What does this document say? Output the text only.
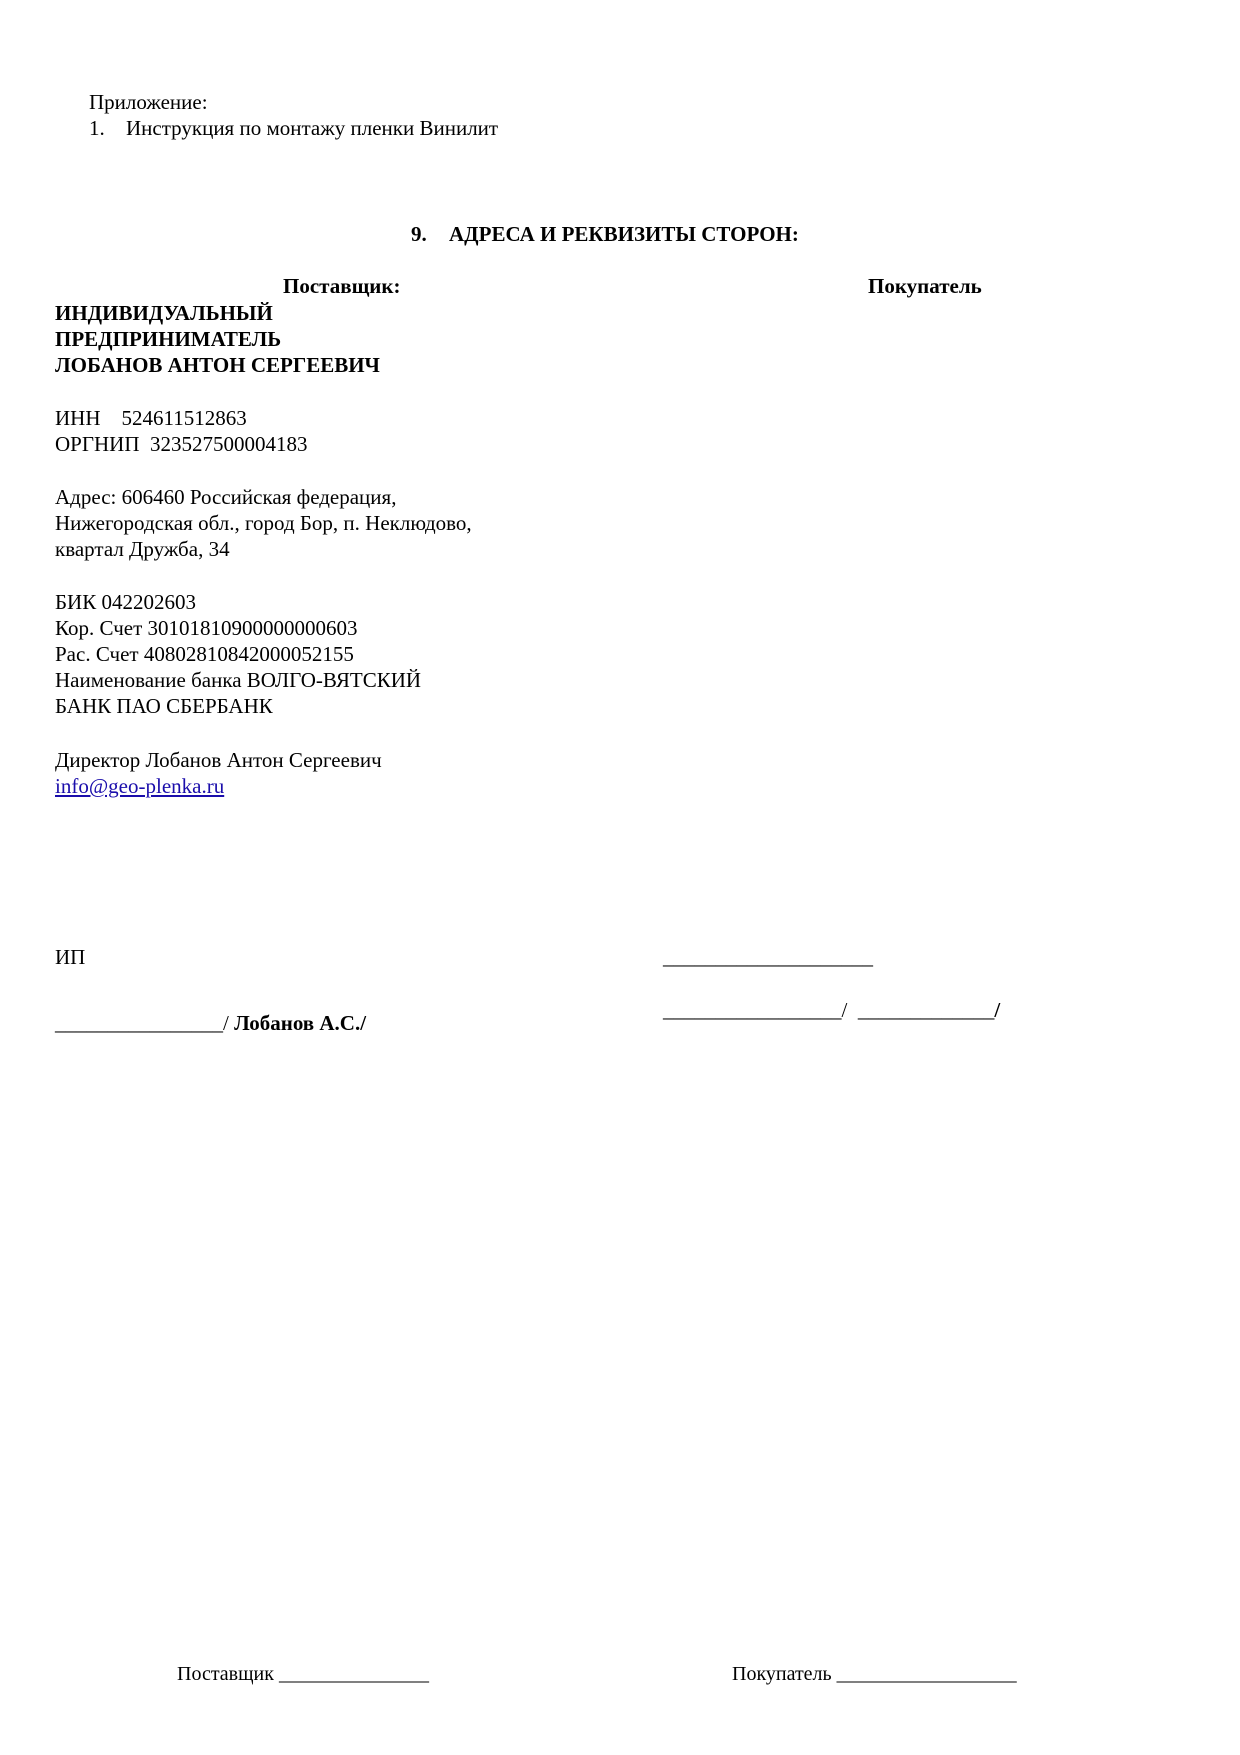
Приложение:
1. Инструкция по монтажу пленки Винилит
9. АДРЕСА И РЕКВИЗИТЫ СТОРОН:
Поставщик:	Покупатель
ИНДИВИДУАЛЬНЫЙ
ПРЕДПРИНИМАТЕЛЬ
ЛОБАНОВ АНТОН СЕРГЕЕВИЧ
ИНН    524611512863
ОРГНИП  323527500004183
Адрес: 606460 Российская федерация,
Нижегородская обл., город Бор, п. Неклюдово,
квартал Дружба, 34
БИК 042202603
Кор. Счет 30101810900000000603
Рас. Счет 40802810842000052155
Наименование банка ВОЛГО-ВЯТСКИЙ
БАНК ПАО СБЕРБАНК
Директор Лобанов Антон Сергеевич
info@geo-plenka.ru
ИП	____________________
________________/ Лобанов А.С./
_________________/  _____________/
Поставщик _______________	Покупатель __________________
